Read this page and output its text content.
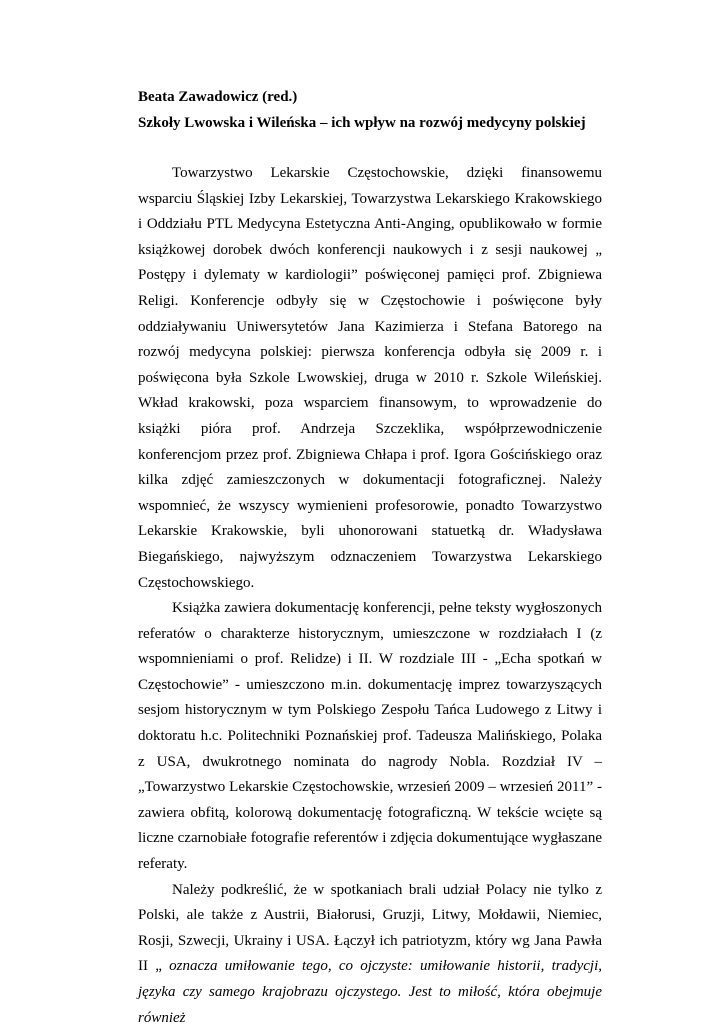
Beata Zawadowicz (red.)

Szkoły Lwowska i Wileńska – ich wpływ na rozwój medycyny polskiej

Towarzystwo Lekarskie Częstochowskie, dzięki finansowemu wsparciu Śląskiej Izby Lekarskiej, Towarzystwa Lekarskiego Krakowskiego i Oddziału PTL Medycyna Estetyczna Anti-Anging, opublikowało w formie książkowej dorobek dwóch konferencji naukowych i z sesji naukowej „ Postępy i dylematy w kardiologii” poświęconej pamięci prof. Zbigniewa Religi. Konferencje odbyły się w Częstochowie i poświęcone były oddziaływaniu Uniwersytetów Jana Kazimierza i Stefana Batorego na rozwój medycyna polskiej: pierwsza konferencja odbyła się 2009 r. i poświęcona była Szkole Lwowskiej, druga w 2010 r. Szkole Wileńskiej. Wkład krakowski, poza wsparciem finansowym, to wprowadzenie do książki pióra prof. Andrzeja Szczeklika, współprzewodniczenie konferencjom przez prof. Zbigniewa Chłapa i prof. Igora Gościńskiego oraz kilka zdjęć zamieszczonych w dokumentacji fotograficznej. Należy wspomnieć, że wszyscy wymienieni profesorowie, ponadto Towarzystwo Lekarskie Krakowskie, byli uhonorowani statuetką dr. Władysława Biegańskiego, najwyższym odznaczeniem Towarzystwa Lekarskiego Częstochowskiego.

Książka zawiera dokumentację konferencji, pełne teksty wygłoszonych referatów o charakterze historycznym, umieszczone w rozdziałach I (z wspomnieniami o prof. Relidze) i II. W rozdziale III - „Echa spotkań w Częstochowie” - umieszczono m.in. dokumentację imprez towarzyszących sesjom historycznym w tym Polskiego Zespołu Tańca Ludowego z Litwy i doktoratu h.c. Politechniki Poznańskiej prof. Tadeusza Malińskiego, Polaka z USA, dwukrotnego nominata do nagrody Nobla. Rozdział IV – „Towarzystwo Lekarskie Częstochowskie, wrzesień 2009 – wrzesień 2011” - zawiera obfitą, kolorową dokumentację fotograficzną. W tekście wcięte są liczne czarnobiałe fotografie referentów i zdjęcia dokumentujące wygłaszane referaty.

Należy podkreślić, że w spotkaniach brali udział Polacy nie tylko z Polski, ale także z Austrii, Białorusi, Gruzji, Litwy, Mołdawii, Niemiec, Rosji, Szwecji, Ukrainy i USA. Łączył ich patriotyzm, który wg Jana Pawła II „ oznacza umiłowanie tego, co ojczyste: umiłowanie historii, tradycji, języka czy samego krajobrazu ojczystego. Jest to miłość, która obejmuje również
